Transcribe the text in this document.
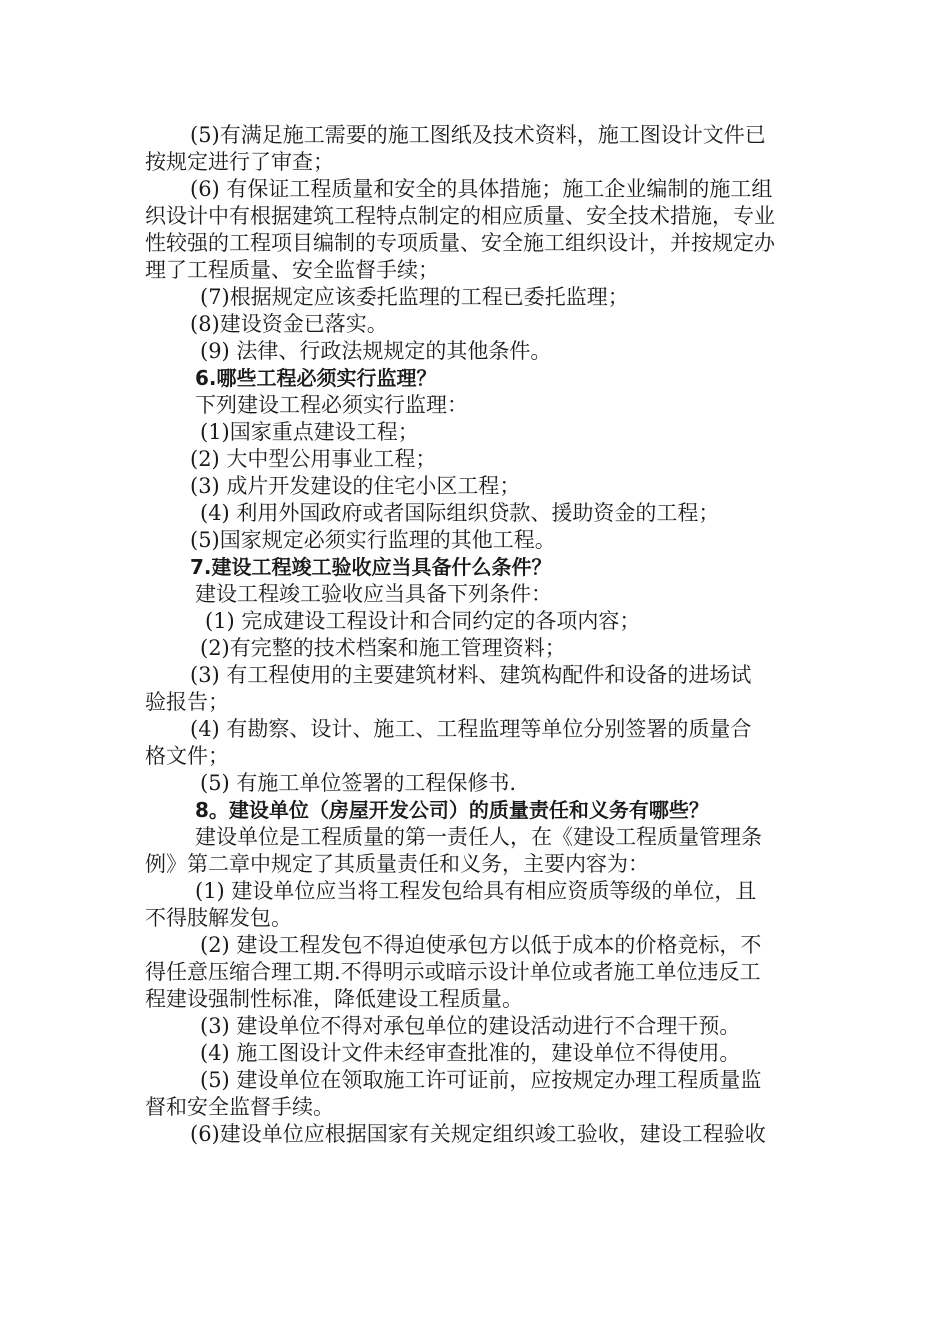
(5)有满足施工需要的施工图纸及技术资料，施工图设计文件已

按规定进行了审查；

(6) 有保证工程质量和安全的具体措施；施工企业编制的施工组

织设计中有根据建筑工程特点制定的相应质量、安全技术措施，专业

性较强的工程项目编制的专项质量、安全施工组织设计，并按规定办

理了工程质量、安全监督手续；

(7)根据规定应该委托监理的工程已委托监理；

(8)建设资金已落实。

(9) 法律、行政法规规定的其他条件。

6.哪些工程必须实行监理？

下列建设工程必须实行监理：

(1)国家重点建设工程；

(2) 大中型公用事业工程；

(3) 成片开发建设的住宅小区工程；

(4) 利用外国政府或者国际组织贷款、援助资金的工程；

(5)国家规定必须实行监理的其他工程。

7.建设工程竣工验收应当具备什么条件？

建设工程竣工验收应当具备下列条件：

(1) 完成建设工程设计和合同约定的各项内容；

(2)有完整的技术档案和施工管理资料；

(3) 有工程使用的主要建筑材料、建筑构配件和设备的进场试

验报告；

(4) 有勘察、设计、施工、工程监理等单位分别签署的质量合

格文件；

(5) 有施工单位签署的工程保修书.

8。建设单位（房屋开发公司）的质量责任和义务有哪些？

建设单位是工程质量的第一责任人，在《建设工程质量管理条

例》第二章中规定了其质量责任和义务，主要内容为：

(1) 建设单位应当将工程发包给具有相应资质等级的单位，且

不得肢解发包。

(2) 建设工程发包不得迫使承包方以低于成本的价格竞标，不

得任意压缩合理工期.不得明示或暗示设计单位或者施工单位违反工

程建设强制性标准，降低建设工程质量。

(3) 建设单位不得对承包单位的建设活动进行不合理干预。

(4) 施工图设计文件未经审查批准的，建设单位不得使用。

(5) 建设单位在领取施工许可证前，应按规定办理工程质量监

督和安全监督手续。

(6)建设单位应根据国家有关规定组织竣工验收，建设工程验收
